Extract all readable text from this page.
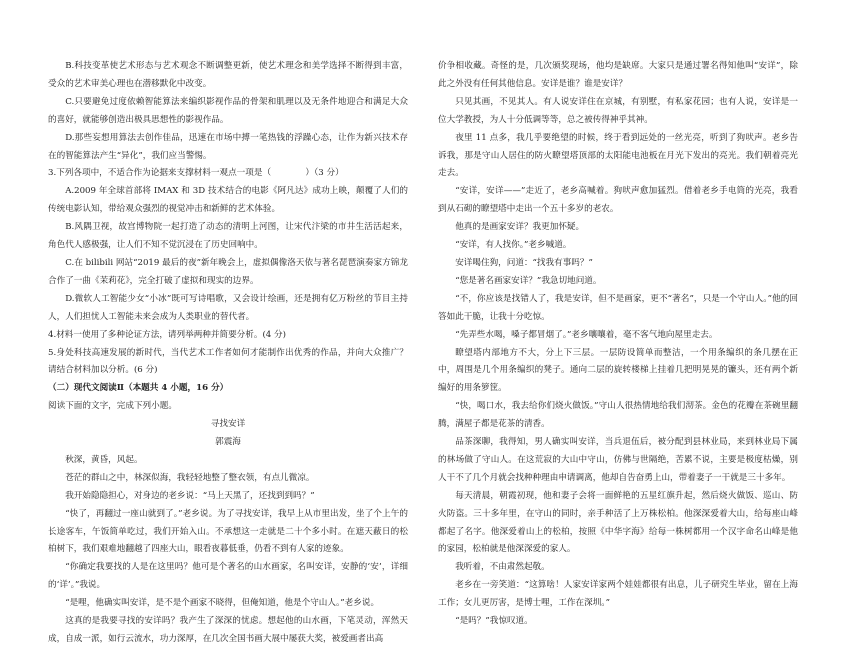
B.科技变革使艺术形态与艺术观念不断调整更新，使艺术理念和美学选择不断得到丰富，受众的艺术审美心理也在潜移默化中改变。

C.只要避免过度依赖智能算法来编织影视作品的骨架和肌理以及无条件地迎合和满足大众的喜好，就能够创造出极具思想性的影视作品。

D.那些妄想用算法去创作佳品，迅速在市场中搏一笔热钱的浮躁心态，让作为新兴技术存在的智能算法产生“异化”，我们应当警惕。

3.下列各项中，不适合作为论据来支撑材料一观点一项是（　　　　）（3 分）

A.2009 年全球首部将 IMAX 和 3D 技术结合的电影《阿凡达》成功上映，颠覆了人们的传统电影认知，带给观众强烈的视觉冲击和新鲜的艺术体验。

B.风隅卫视，故宫博物院一起打造了动态的清明上河图，让宋代汴梁的市井生活活起来，角色代人感极强，让人们不知不觉沉浸在了历史回响中。

C.在 bilibili 网站“2019 最后的夜”新年晚会上，虚拟偶像洛天依与著名琵琶演奏家方锦龙合作了一曲《茉莉花》，完全打破了虚拟和现实的边界。

D.微软人工智能少女“小冰”既可写诗唱歌，又会设计绘画，还是拥有亿万粉丝的节目主持人，人们担忧人工智能未来会成为人类职业的替代者。

4.材料一使用了多种论证方法，请列举两种并简要分析。(4 分)

5.身处科技高速发展的新时代，当代艺术工作者如何才能制作出优秀的作品，并向大众推广？请结合材料加以分析。(6 分)

（二）现代文阅读Ⅱ（本题共 4 小题，16 分）

阅读下面的文字，完成下列小题。

寻找安详

郭震海

秋深，黄昏，风起。

苍茫的群山之中，林深似海，我轻轻地整了整衣领，有点儿微凉。

我开始隐隐担心，对身边的老乡说：“马上天黑了，还找到到吗？”

“快了，再翻过一座山就到了。”老乡说。为了寻找安详，我早上从市里出发，坐了个上午的长途客车，午饭简单吃过，我们开始入山。不承想这一走就是二十个多小时。在遮天蔽日的松柏树下，我们艰难地翻越了四座大山，眼看夜暮低垂，仍看不到有人家的迹象。

“你确定我要找的人是在这里吗？他可是个著名的山水画家，名叫安详，安静的‘安’，详细的‘详’。”我说。

“是哩，他确实叫安详，是不是个画家不晓得，但俺知道，他是个守山人。”老乡说。

这真的是我要寻找的安详吗？我产生了深深的忧虑。想起他的山水画，下笔灵动，浑然天成，自成一派，如行云流水，功力深厚，在几次全国书画大展中屡获大奖，被爱画者出高

价争相收藏。奇怪的是，几次颁奖现场，他均是缺席。大家只是通过署名得知他叫“安详”，除此之外没有任何其他信息。安详是谁？谁是安详？

只见其画，不见其人。有人说安详住在京城，有别墅，有私家花园；也有人说，安详是一位大学教授，为人十分低调等等，总之被传得神乎其神。

夜里 11 点多，我几乎要绝望的时候，终于看到远处的一丝光亮，听到了狗吠声。老乡告诉我，那是守山人居住的防火瞭望塔顶部的太阳能电池板在月光下发出的亮光。我们朝着亮光走去。

“安详，安详——”走近了，老乡高喊着。狗吠声愈加猛烈。借着老乡手电筒的光亮，我看到从石砌的瞭望塔中走出一个五十多岁的老农。

他真的是画家安详？我更加怀疑。

“安详，有人找你。”老乡喊道。

安详喝住狗，问道：“找我有事吗？”

“您是著名画家安详？”我急切地问道。

“不，你应该是找错人了，我是安详，但不是画家，更不“著名”，只是一个守山人。”他的回答如此干脆，让我十分吃惊。

“先弄些水喝，嗓子都冒烟了。”老乡嚷嚷着，毫不客气地向屋里走去。

瞭望塔内部地方不大，分上下三层。一层防设简单而整洁，一个用条编织的条几摆在正中，周围是几个用条编织的凳子。通向二层的旋转楼梯上挂着几把明晃晃的镰头，还有两个新编好的用条箩筐。

“快，喝口水，我去给你们烧火做饭。”守山人很热情地给我们沏茶。金色的花瓣在茶碗里翻腾，满屋子都是花茶的清香。

品茶深聊，我得知，男人确实叫安详，当兵退伍后，被分配到县林业局，来到林业局下属的林场做了守山人。在这荒寂的大山中守山，仿佛与世隔绝，苦累不说，主要是极度枯燥，别人干不了几个月就会找种种理由申请调离，他却自告奋勇上山，带着妻子一干就是三十多年。

每天清晨，朝霞初现，他和妻子会将一面鲜艳的五星红旗升起，然后烧火做饭、巡山、防火防盗。三十多年里，在守山的同时，亲手种活了上万株松柏。他深深爱着大山，给每座山峰都起了名字。他深爱着山上的松柏，按照《中华字海》给每一株树都用一个汉字命名山峰是他的家园，松柏就是他深深爱的家人。

我听着，不由肃然起敬。

老乡在一旁笑道：“这算啥！人家安详家两个娃娃都很有出息，儿子研究生毕业，留在上海工作；女儿更厉害，是博士哩，工作在深圳。”

“是吗？”我惊叹道。
